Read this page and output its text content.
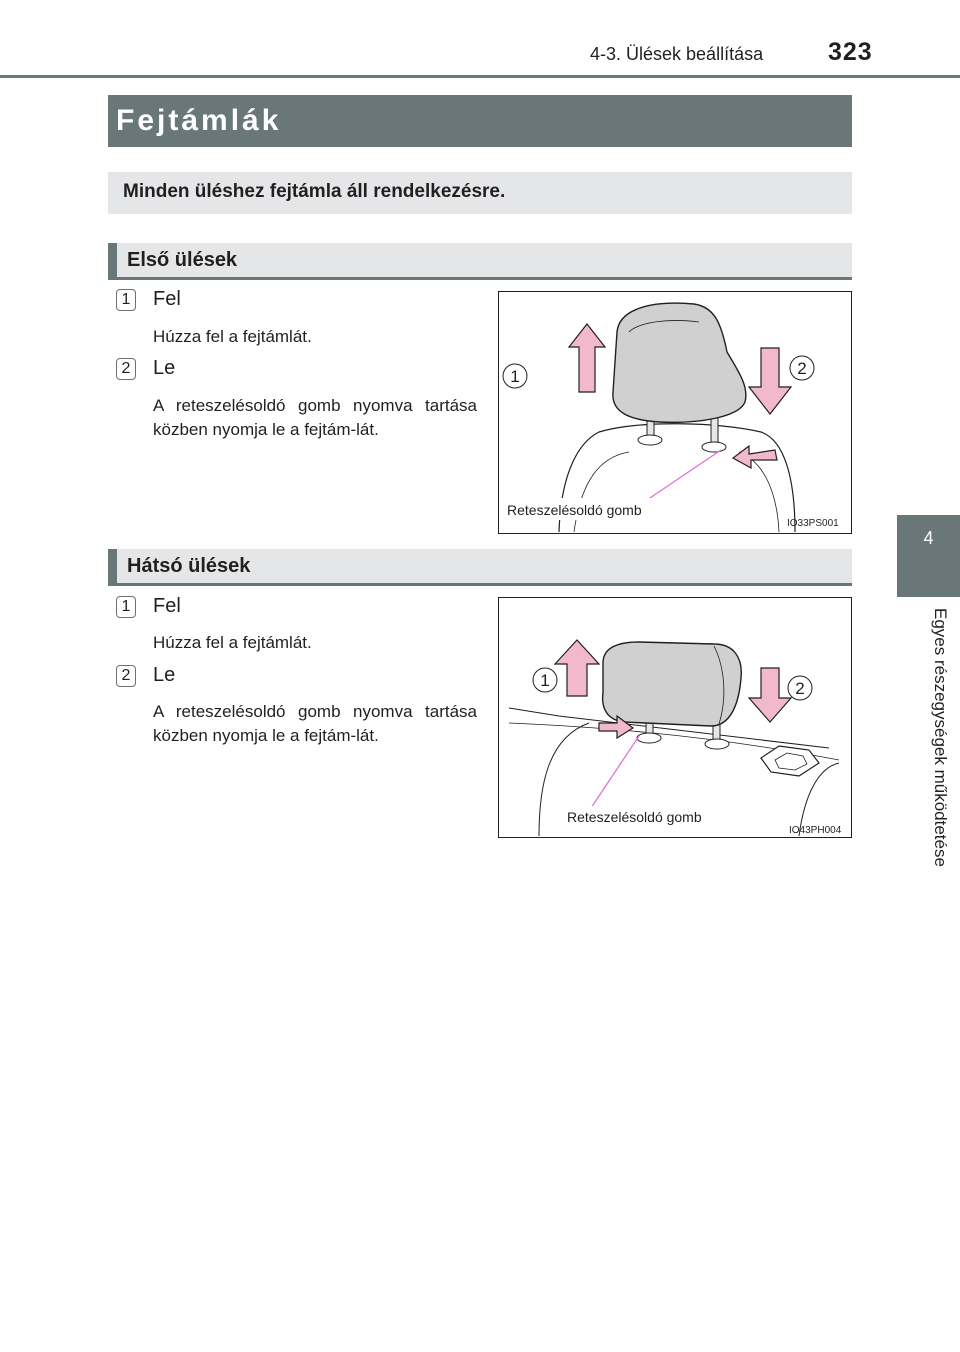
4-3. Ülések beállítása	323
4
Egyes részegységek működtetése
Fejtámlák
Minden üléshez fejtámla áll rendelkezésre.
Első ülések
1 Fel
Húzza fel a fejtámlát.
2 Le
A reteszelésoldó gomb nyomva tartása közben nyomja le a fejtám-lát.
1	2
Reteszelésoldó gomb
IO33PS001
Hátsó ülések
1 Fel
Húzza fel a fejtámlát.
2 Le
A reteszelésoldó gomb nyomva tartása közben nyomja le a fejtám-lát.
1	2
Reteszelésoldó gomb
IO43PH004
